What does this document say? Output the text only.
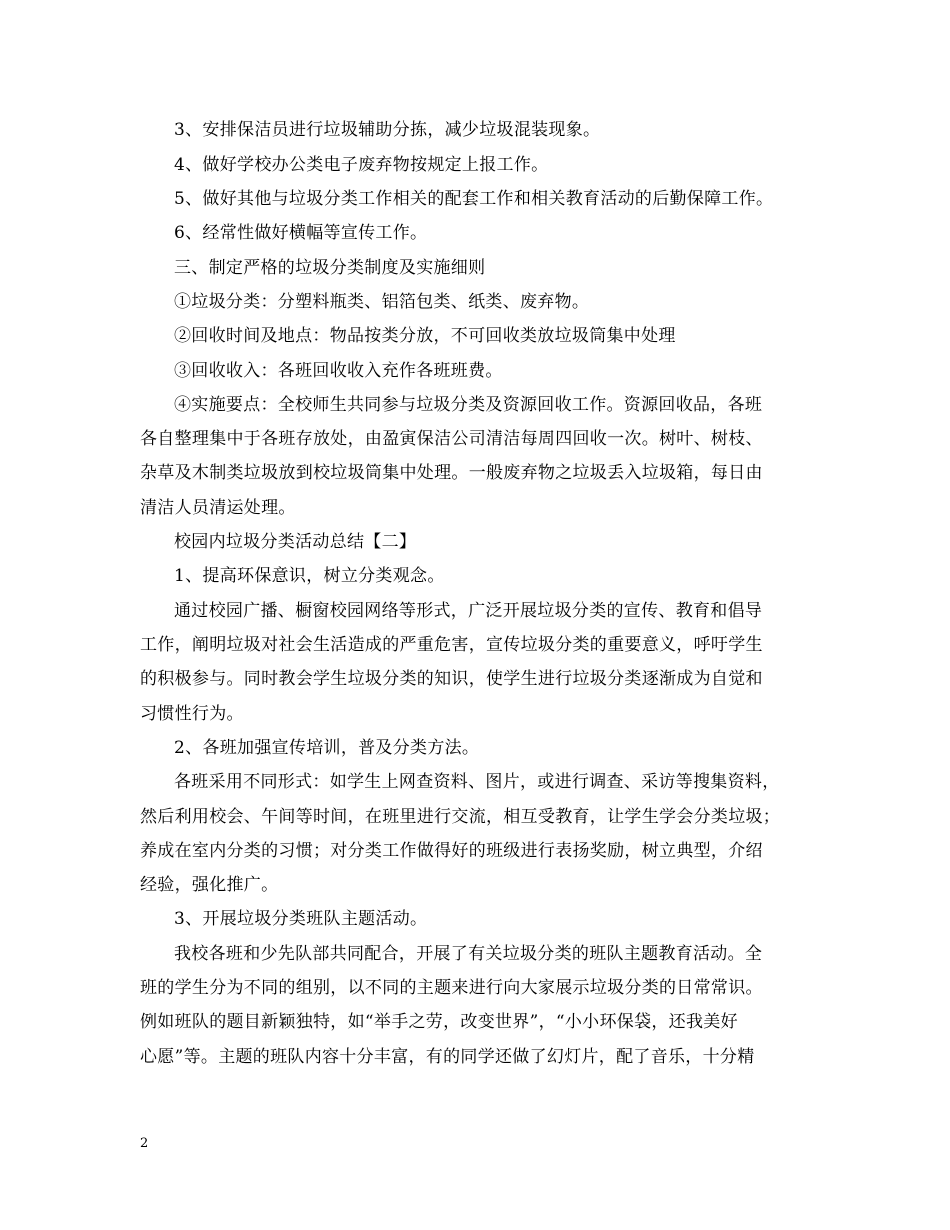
3、安排保洁员进行垃圾辅助分拣，减少垃圾混装现象。
4、做好学校办公类电子废弃物按规定上报工作。
5、做好其他与垃圾分类工作相关的配套工作和相关教育活动的后勤保障工作。
6、经常性做好横幅等宣传工作。
三、制定严格的垃圾分类制度及实施细则
①垃圾分类：分塑料瓶类、铝箔包类、纸类、废弃物。
②回收时间及地点：物品按类分放，不可回收类放垃圾筒集中处理
③回收收入：各班回收收入充作各班班费。
④实施要点：全校师生共同参与垃圾分类及资源回收工作。资源回收品，各班
各自整理集中于各班存放处，由盈寅保洁公司清洁每周四回收一次。树叶、树枝、
杂草及木制类垃圾放到校垃圾筒集中处理。一般废弃物之垃圾丢入垃圾箱，每日由
清洁人员清运处理。
校园内垃圾分类活动总结【二】
1、提高环保意识，树立分类观念。
通过校园广播、橱窗校园网络等形式，广泛开展垃圾分类的宣传、教育和倡导
工作，阐明垃圾对社会生活造成的严重危害，宣传垃圾分类的重要意义，呼吁学生
的积极参与。同时教会学生垃圾分类的知识，使学生进行垃圾分类逐渐成为自觉和
习惯性行为。
2、各班加强宣传培训，普及分类方法。
各班采用不同形式：如学生上网查资料、图片，或进行调查、采访等搜集资料，
然后利用校会、午间等时间，在班里进行交流，相互受教育，让学生学会分类垃圾；
养成在室内分类的习惯；对分类工作做得好的班级进行表扬奖励，树立典型，介绍
经验，强化推广。
3、开展垃圾分类班队主题活动。
我校各班和少先队部共同配合，开展了有关垃圾分类的班队主题教育活动。全
班的学生分为不同的组别，以不同的主题来进行向大家展示垃圾分类的日常常识。
例如班队的题目新颖独特，如“举手之劳，改变世界”，“小小环保袋，还我美好
心愿”等。主题的班队内容十分丰富，有的同学还做了幻灯片，配了音乐，十分精
2
